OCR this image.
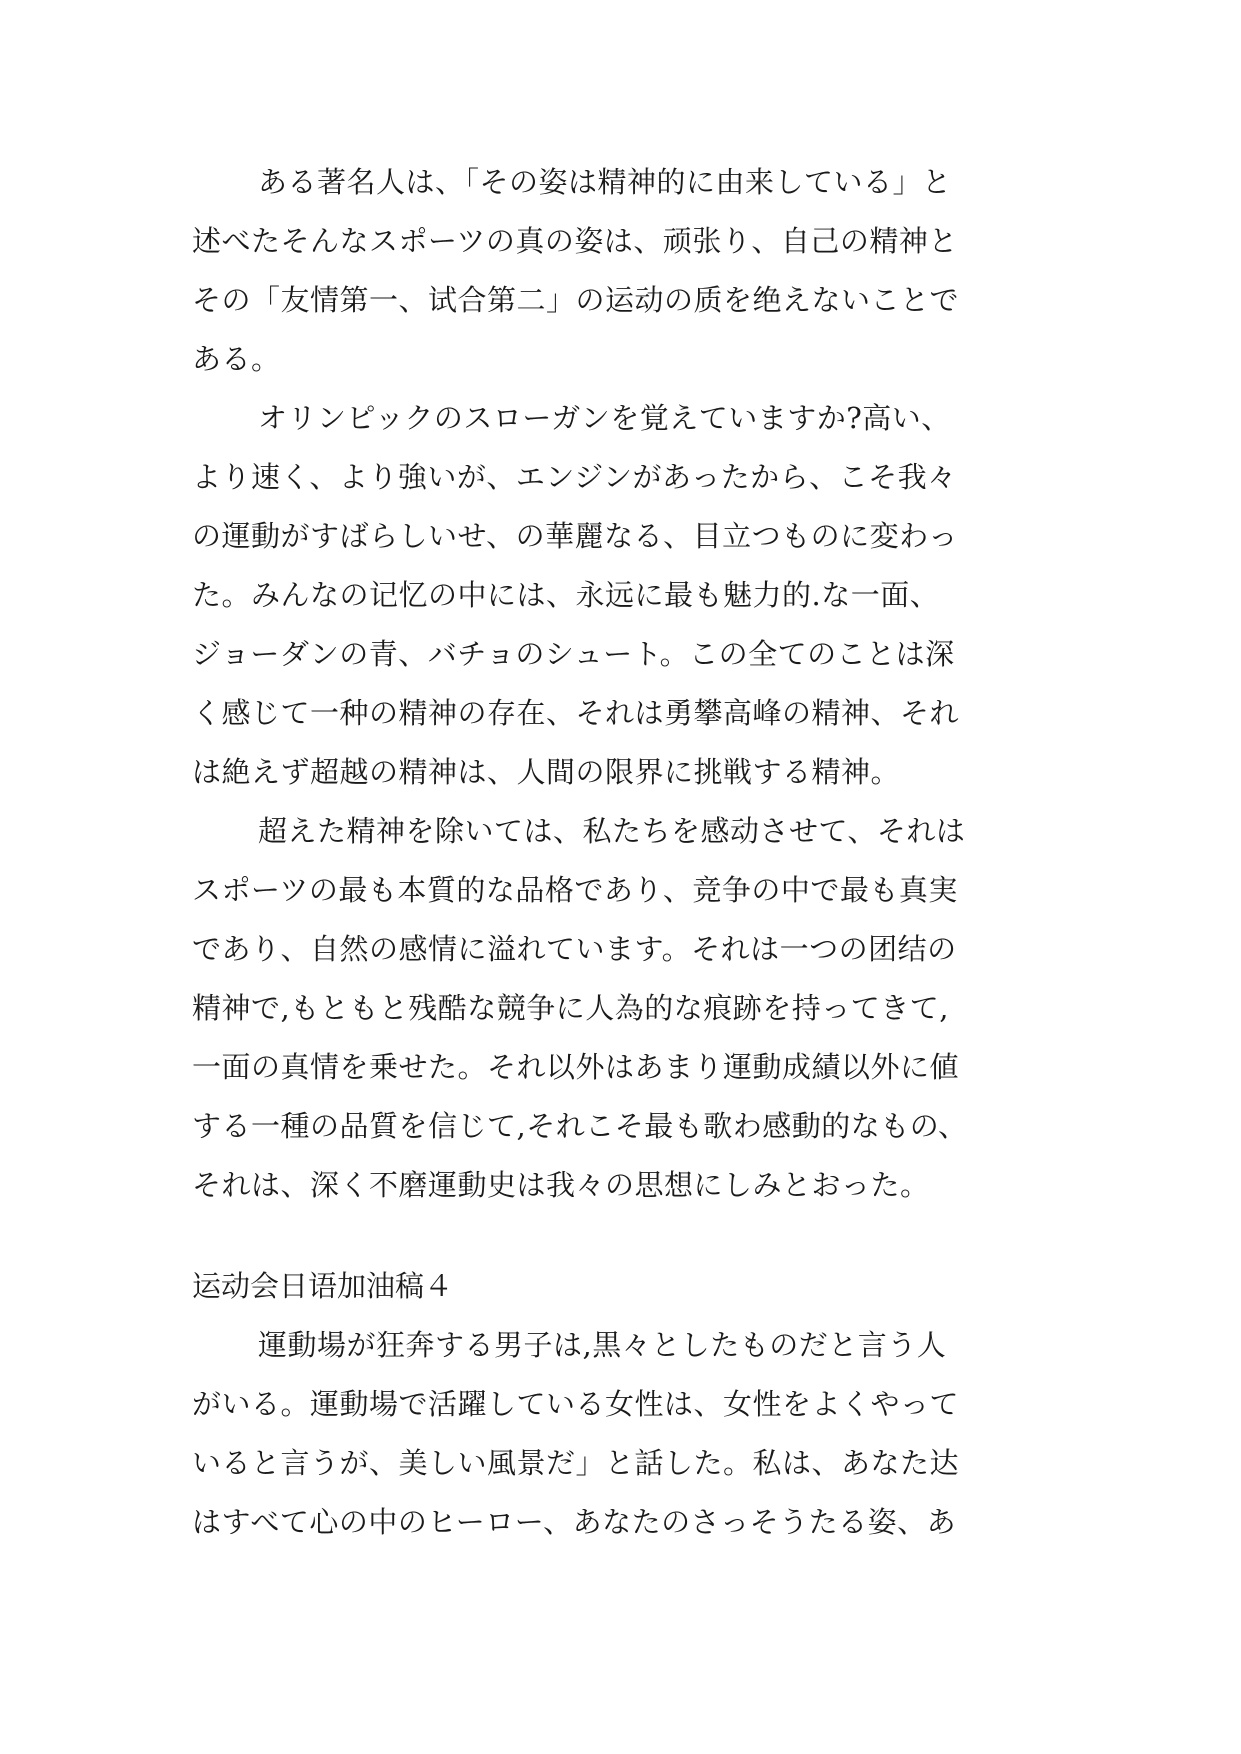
ある著名人は、「その姿は精神的に由来している」と
述べたそんなスポーツの真の姿は、顽张り、自己の精神と
その「友情第一、试合第二」の运动の质を绝えないことで
ある。
オリンピックのスローガンを覚えていますか?高い、
より速く、より強いが、エンジンがあったから、こそ我々
の運動がすばらしいせ、の華麗なる、目立つものに変わっ
た。みんなの记忆の中には、永远に最も魅力的.な一面、
ジョーダンの青、バチョのシュート。この全てのことは深
く感じて一种の精神の存在、それは勇攀高峰の精神、それ
は絶えず超越の精神は、人間の限界に挑戦する精神。
超えた精神を除いては、私たちを感动させて、それは
スポーツの最も本質的な品格であり、竞争の中で最も真実
であり、自然の感情に溢れています。それは一つの团结の
精神で,もともと残酷な競争に人為的な痕跡を持ってきて,
一面の真情を乗せた。それ以外はあまり運動成績以外に値
する一種の品質を信じて,それこそ最も歌わ感動的なもの、
それは、深く不磨運動史は我々の思想にしみとおった。
运动会日语加油稿４
運動場が狂奔する男子は,黒々としたものだと言う人
がいる。運動場で活躍している女性は、女性をよくやって
いると言うが、美しい風景だ」と話した。私は、あなた达
はすべて心の中のヒーロー、あなたのさっそうたる姿、あ
